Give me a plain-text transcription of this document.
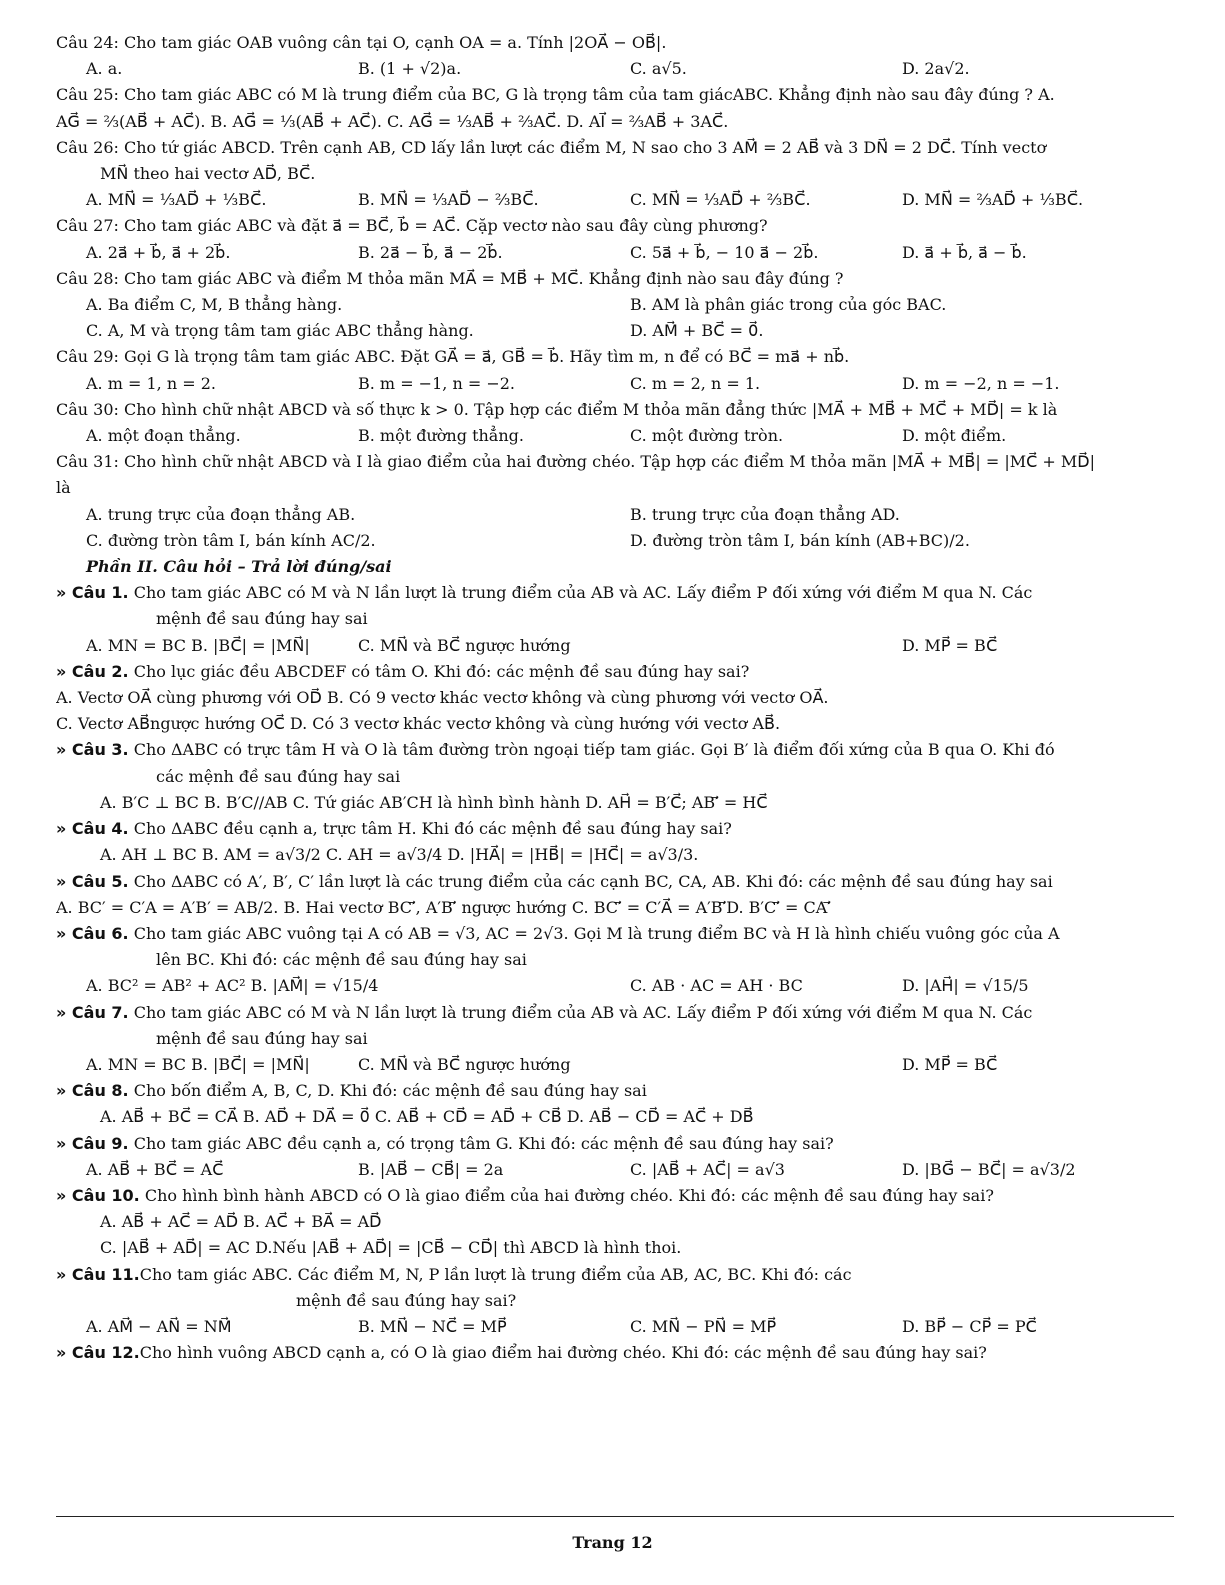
Câu 24: Cho tam giác OAB vuông cân tại O, cạnh OA = a. Tính |2OA⃗ − OB⃗|.
A. a.	B. (1 + √2)a.	C. a√5.	D. 2a√2.
Câu 25: Cho tam giác ABC có M là trung điểm của BC, G là trọng tâm của tam giácABC. Khẳng định nào sau đây đúng ? A.
AG⃗ = ⅔(AB⃗ + AC⃗). B. AG⃗ = ⅓(AB⃗ + AC⃗). C. AG⃗ = ⅓AB⃗ + ⅔AC⃗. D. AI⃗ = ⅔AB⃗ + 3AC⃗.
Câu 26: Cho tứ giác ABCD. Trên cạnh AB, CD lấy lần lượt các điểm M, N sao cho 3 AM⃗ = 2 AB⃗ và 3 DN⃗ = 2 DC⃗. Tính vectơ
MN⃗ theo hai vectơ AD⃗, BC⃗.
A. MN⃗ = ⅓AD⃗ + ⅓BC⃗.	B. MN⃗ = ⅓AD⃗ − ⅔BC⃗.	C. MN⃗ = ⅓AD⃗ + ⅔BC⃗.	D. MN⃗ = ⅔AD⃗ + ⅓BC⃗.
Câu 27: Cho tam giác ABC và đặt a⃗ = BC⃗, b⃗ = AC⃗. Cặp vectơ nào sau đây cùng phương?
A. 2a⃗ + b⃗, a⃗ + 2b⃗.	B. 2a⃗ − b⃗, a⃗ − 2b⃗.	C. 5a⃗ + b⃗, − 10 a⃗ − 2b⃗.	D. a⃗ + b⃗, a⃗ − b⃗.
Câu 28: Cho tam giác ABC và điểm M thỏa mãn MA⃗ = MB⃗ + MC⃗. Khẳng định nào sau đây đúng ?
A. Ba điểm C, M, B thẳng hàng.	B. AM là phân giác trong của góc BAC.
C. A, M và trọng tâm tam giác ABC thẳng hàng.	D. AM⃗ + BC⃗ = 0⃗.
Câu 29: Gọi G là trọng tâm tam giác ABC. Đặt GA⃗ = a⃗, GB⃗ = b⃗. Hãy tìm m, n để có BC⃗ = ma⃗ + nb⃗.
A. m = 1, n = 2.	B. m = −1, n = −2.	C. m = 2, n = 1.	D. m = −2, n = −1.
Câu 30: Cho hình chữ nhật ABCD và số thực k > 0. Tập hợp các điểm M thỏa mãn đẳng thức |MA⃗ + MB⃗ + MC⃗ + MD⃗| = k là
A. một đoạn thẳng.	B. một đường thẳng.	C. một đường tròn.	D. một điểm.
Câu 31: Cho hình chữ nhật ABCD và I là giao điểm của hai đường chéo. Tập hợp các điểm M thỏa mãn |MA⃗ + MB⃗| = |MC⃗ + MD⃗|
là
A. trung trực của đoạn thẳng AB.	B. trung trực của đoạn thẳng AD.
C. đường tròn tâm I, bán kính AC/2.	D. đường tròn tâm I, bán kính (AB+BC)/2.
Phần II. Câu hỏi – Trả lời đúng/sai
» Câu 1. Cho tam giác ABC có M và N lần lượt là trung điểm của AB và AC. Lấy điểm P đối xứng với điểm M qua N. Các
mệnh đề sau đúng hay sai
A. MN = BC B. |BC⃗| = |MN⃗|	C. MN⃗ và BC⃗ ngược hướng	D. MP⃗ = BC⃗
» Câu 2. Cho lục giác đều ABCDEF có tâm O. Khi đó: các mệnh đề sau đúng hay sai?
A. Vectơ OA⃗ cùng phương với OD⃗ B. Có 9 vectơ khác vectơ không và cùng phương với vectơ OA⃗.
C. Vectơ AB⃗ngược hướng OC⃗ D. Có 3 vectơ khác vectơ không và cùng hướng với vectơ AB⃗.
» Câu 3. Cho ΔABC có trực tâm H và O là tâm đường tròn ngoại tiếp tam giác. Gọi B′ là điểm đối xứng của B qua O. Khi đó
các mệnh đề sau đúng hay sai
A. B′C ⊥ BC B. B′C//AB C. Tứ giác AB′CH là hình bình hành D. AH⃗ = B′C⃗; AB′⃗ = HC⃗
» Câu 4. Cho ΔABC đều cạnh a, trực tâm H. Khi đó các mệnh đề sau đúng hay sai?
A. AH ⊥ BC B. AM = a√3/2 C. AH = a√3/4 D. |HA⃗| = |HB⃗| = |HC⃗| = a√3/3.
» Câu 5. Cho ΔABC có A′, B′, C′ lần lượt là các trung điểm của các cạnh BC, CA, AB. Khi đó: các mệnh đề sau đúng hay sai
A. BC′ = C′A = A′B′ = AB/2. B. Hai vectơ BC′⃗, A′B′⃗ ngược hướng C. BC′⃗ = C′A⃗ = A′B′⃗D. B′C′⃗ = CA′⃗
» Câu 6. Cho tam giác ABC vuông tại A có AB = √3, AC = 2√3. Gọi M là trung điểm BC và H là hình chiếu vuông góc của A
lên BC. Khi đó: các mệnh đề sau đúng hay sai
A. BC² = AB² + AC² B. |AM⃗| = √15/4	C. AB · AC = AH · BC	D. |AH⃗| = √15/5
» Câu 7. Cho tam giác ABC có M và N lần lượt là trung điểm của AB và AC. Lấy điểm P đối xứng với điểm M qua N. Các
mệnh đề sau đúng hay sai
A. MN = BC B. |BC⃗| = |MN⃗|	C. MN⃗ và BC⃗ ngược hướng	D. MP⃗ = BC⃗
» Câu 8. Cho bốn điểm A, B, C, D. Khi đó: các mệnh đề sau đúng hay sai
A. AB⃗ + BC⃗ = CA⃗ B. AD⃗ + DA⃗ = 0⃗ C. AB⃗ + CD⃗ = AD⃗ + CB⃗ D. AB⃗ − CD⃗ = AC⃗ + DB⃗
» Câu 9. Cho tam giác ABC đều cạnh a, có trọng tâm G. Khi đó: các mệnh đề sau đúng hay sai?
A. AB⃗ + BC⃗ = AC⃗	B. |AB⃗ − CB⃗| = 2a	C. |AB⃗ + AC⃗| = a√3	D. |BG⃗ − BC⃗| = a√3/2
» Câu 10. Cho hình bình hành ABCD có O là giao điểm của hai đường chéo. Khi đó: các mệnh đề sau đúng hay sai?
A. AB⃗ + AC⃗ = AD⃗ B. AC⃗ + BA⃗ = AD⃗
C. |AB⃗ + AD⃗| = AC D.Nếu |AB⃗ + AD⃗| = |CB⃗ − CD⃗| thì ABCD là hình thoi.
» Câu 11.Cho tam giác ABC. Các điểm M, N, P lần lượt là trung điểm của AB, AC, BC. Khi đó: các
mệnh đề sau đúng hay sai?
A. AM⃗ − AN⃗ = NM⃗	B. MN⃗ − NC⃗ = MP⃗	C. MN⃗ − PN⃗ = MP⃗	D. BP⃗ − CP⃗ = PC⃗
» Câu 12.Cho hình vuông ABCD cạnh a, có O là giao điểm hai đường chéo. Khi đó: các mệnh đề sau đúng hay sai?
Trang 12
